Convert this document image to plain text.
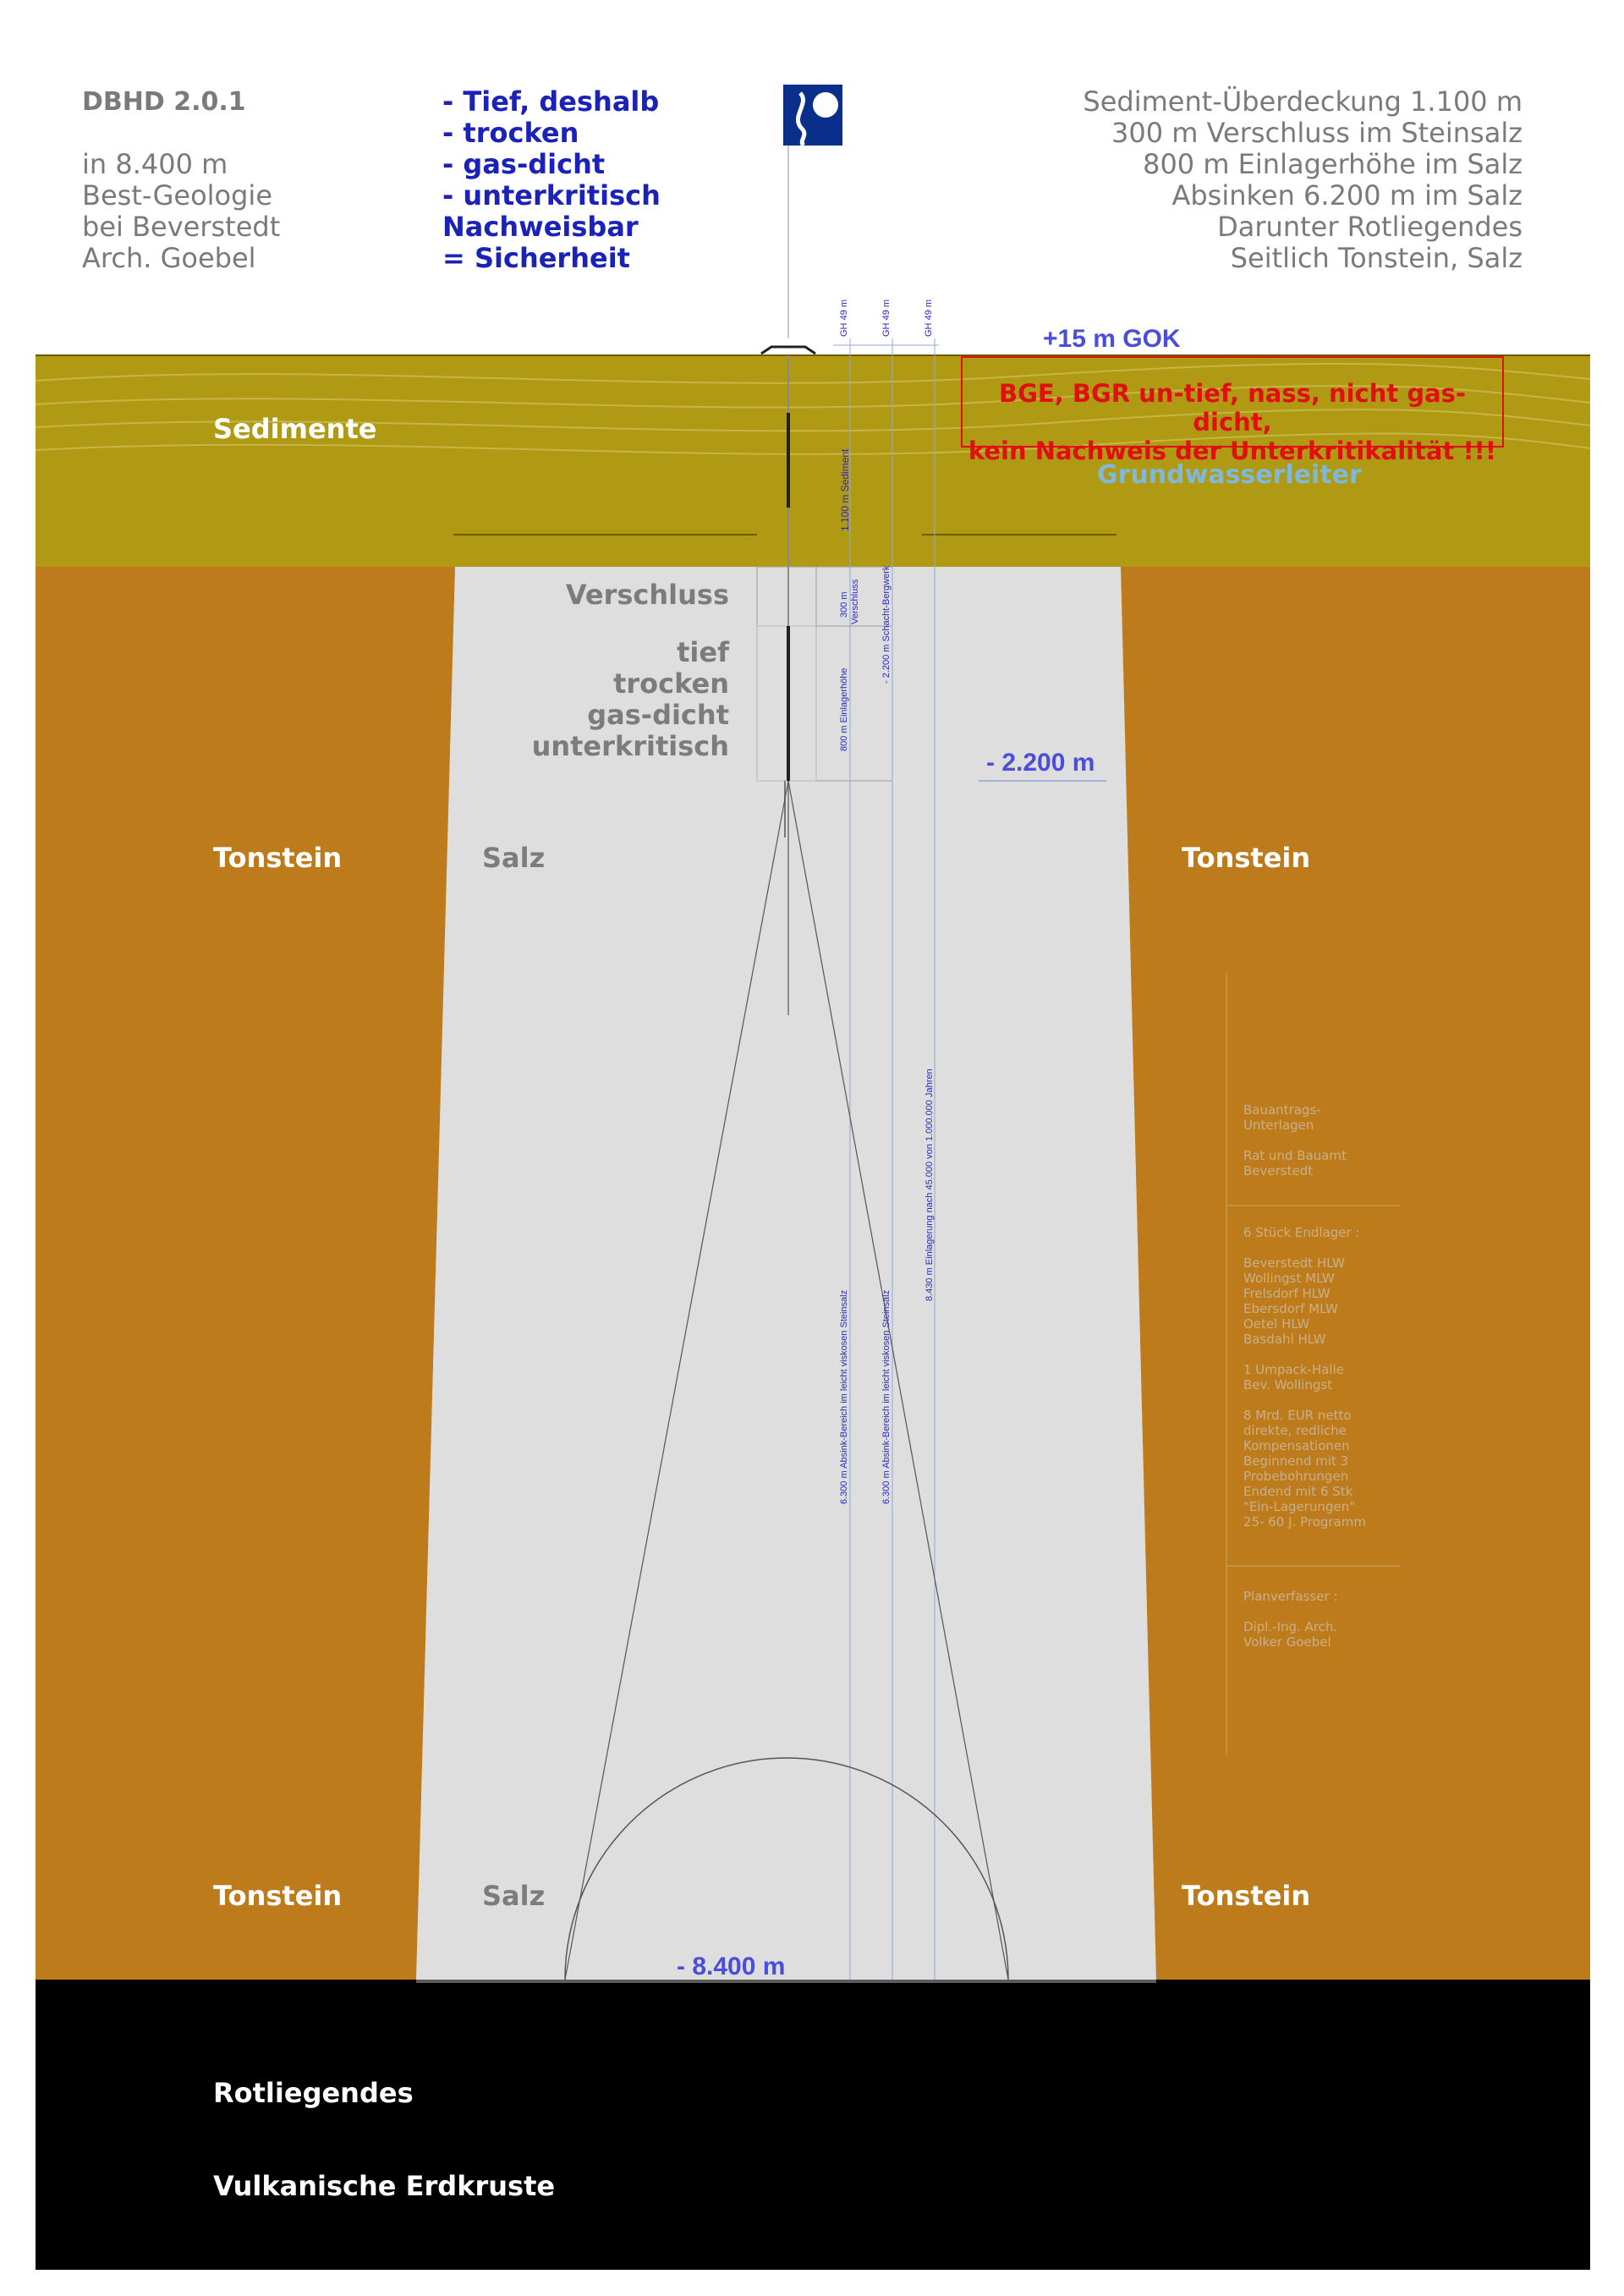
DBHD 2.0.1
in 8.400 m
Best-Geologie
bei Beverstedt
Arch. Goebel
- Tief, deshalb
- trocken
- gas-dicht
- unterkritisch
Nachweisbar
= Sicherheit
Sediment-Überdeckung 1.100 m
300 m Verschluss im Steinsalz
800 m Einlagerhöhe im Salz
Absinken 6.200 m im Salz
Darunter Rotliegendes
Seitlich Tonstein, Salz
+15 m GOK
BGE, BGR un-tief, nass, nicht gas-dicht,
kein Nachweis der Unterkritikalität !!!
Grundwasserleiter
GH 49 m	GH 49 m	GH 49 m
Sedimente
Tonstein	Tonstein
Tonstein	Tonstein
Salz
Salz
Rotliegendes
Vulkanische Erdkruste
Verschluss
tief
trocken
gas-dicht
unterkritisch
- 2.200 m
- 8.400 m
1.100 m Sediment
300 m Verschluss
800 m Einlagerhöhe
- 2.200 m Schacht-Bergwerk
8.430 m Einlagerung nach 45.000 von 1.000.000 Jahren
6.300 m Absink-Bereich im leicht viskosen Steinsalz	6.300 m Absink-Bereich im leicht viskosen Steinsalz
Bauantrags-
Unterlagen

Rat und Bauamt
Beverstedt
6 Stück Endlager :

Beverstedt HLW
Wollingst MLW
Frelsdorf HLW
Ebersdorf MLW
Oetel HLW
Basdahl HLW

1 Umpack-Halle
Bev. Wollingst

8 Mrd. EUR netto
direkte, redliche
Kompensationen
Beginnend mit 3
Probebohrungen
Endend mit 6 Stk
"Ein-Lagerungen"
25- 60 J. Programm
Planverfasser :

Dipl.-Ing. Arch.
Volker Goebel
